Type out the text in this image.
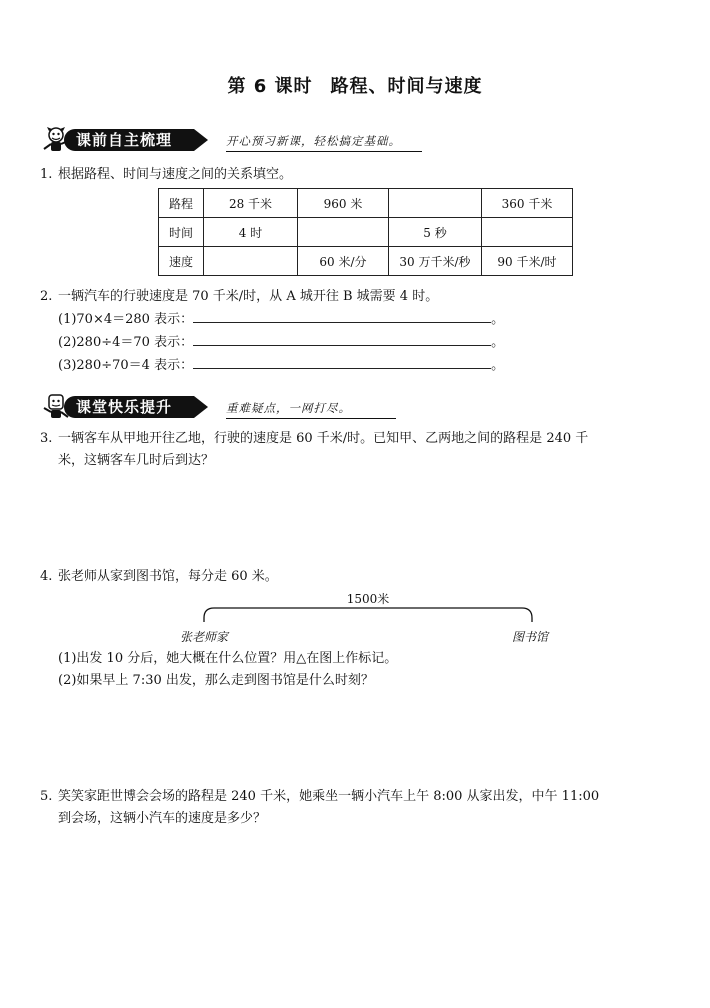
第 6 课时 路程、时间与速度
课前自主梳理	开心预习新课，轻松搞定基础。
1. 根据路程、时间与速度之间的关系填空。
路程	28 千米	960 米		360 千米
时间	4 时		5 秒	
速度		60 米/分	30 万千米/秒	90 千米/时
2. 一辆汽车的行驶速度是 70 千米/时，从 A 城开往 B 城需要 4 时。
(1)70×4＝280 表示：	。
(2)280÷4＝70 表示：	。
(3)280÷70＝4 表示：	。
课堂快乐提升	重难疑点，一网打尽。
3. 一辆客车从甲地开往乙地，行驶的速度是 60 千米/时。已知甲、乙两地之间的路程是 240 千
米，这辆客车几时后到达？
4. 张老师从家到图书馆，每分走 60 米。
1500米
张老师家	图书馆
(1)出发 10 分后，她大概在什么位置？用△在图上作标记。
(2)如果早上 7:30 出发，那么走到图书馆是什么时刻？
5. 笑笑家距世博会会场的路程是 240 千米，她乘坐一辆小汽车上午 8:00 从家出发，中午 11:00
到会场，这辆小汽车的速度是多少？
